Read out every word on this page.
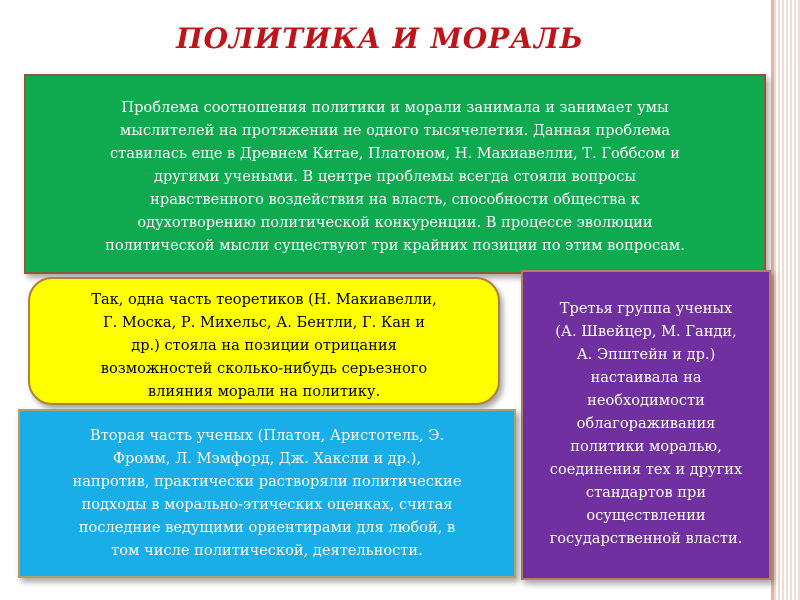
ПОЛИТИКА И МОРАЛЬ
Проблема соотношения политики и морали занимала и занимает умы
мыслителей на протяжении не одного тысячелетия. Данная проблема
ставилась еще в Древнем Китае, Платоном, Н. Макиавелли, Т. Гоббсом и
другими учеными. В центре проблемы всегда стояли вопросы
нравственного воздействия на власть, способности общества к
одухотворению политической конкуренции. В процессе эволюции
политической мысли существуют три крайних позиции по этим вопросам.
Так, одна часть теоретиков (Н. Макиавелли,
Г. Моска, Р. Михельс, А. Бентли, Г. Кан и
др.) стояла на позиции отрицания
возможностей сколько-нибудь серьезного
влияния морали на политику.
Третья группа ученых
(А. Швейцер, М. Ганди,
А. Эпштейн и др.)
настаивала на
необходимости
облагораживания
политики моралью,
соединения тех и других
стандартов при
осуществлении
государственной власти.
Вторая часть ученых (Платон, Аристотель, Э.
Фромм, Л. Мэмфорд, Дж. Хаксли и др.),
напротив, практически растворяли политические
подходы в морально-этических оценках, считая
последние ведущими ориентирами для любой, в
том числе политической, деятельности.
